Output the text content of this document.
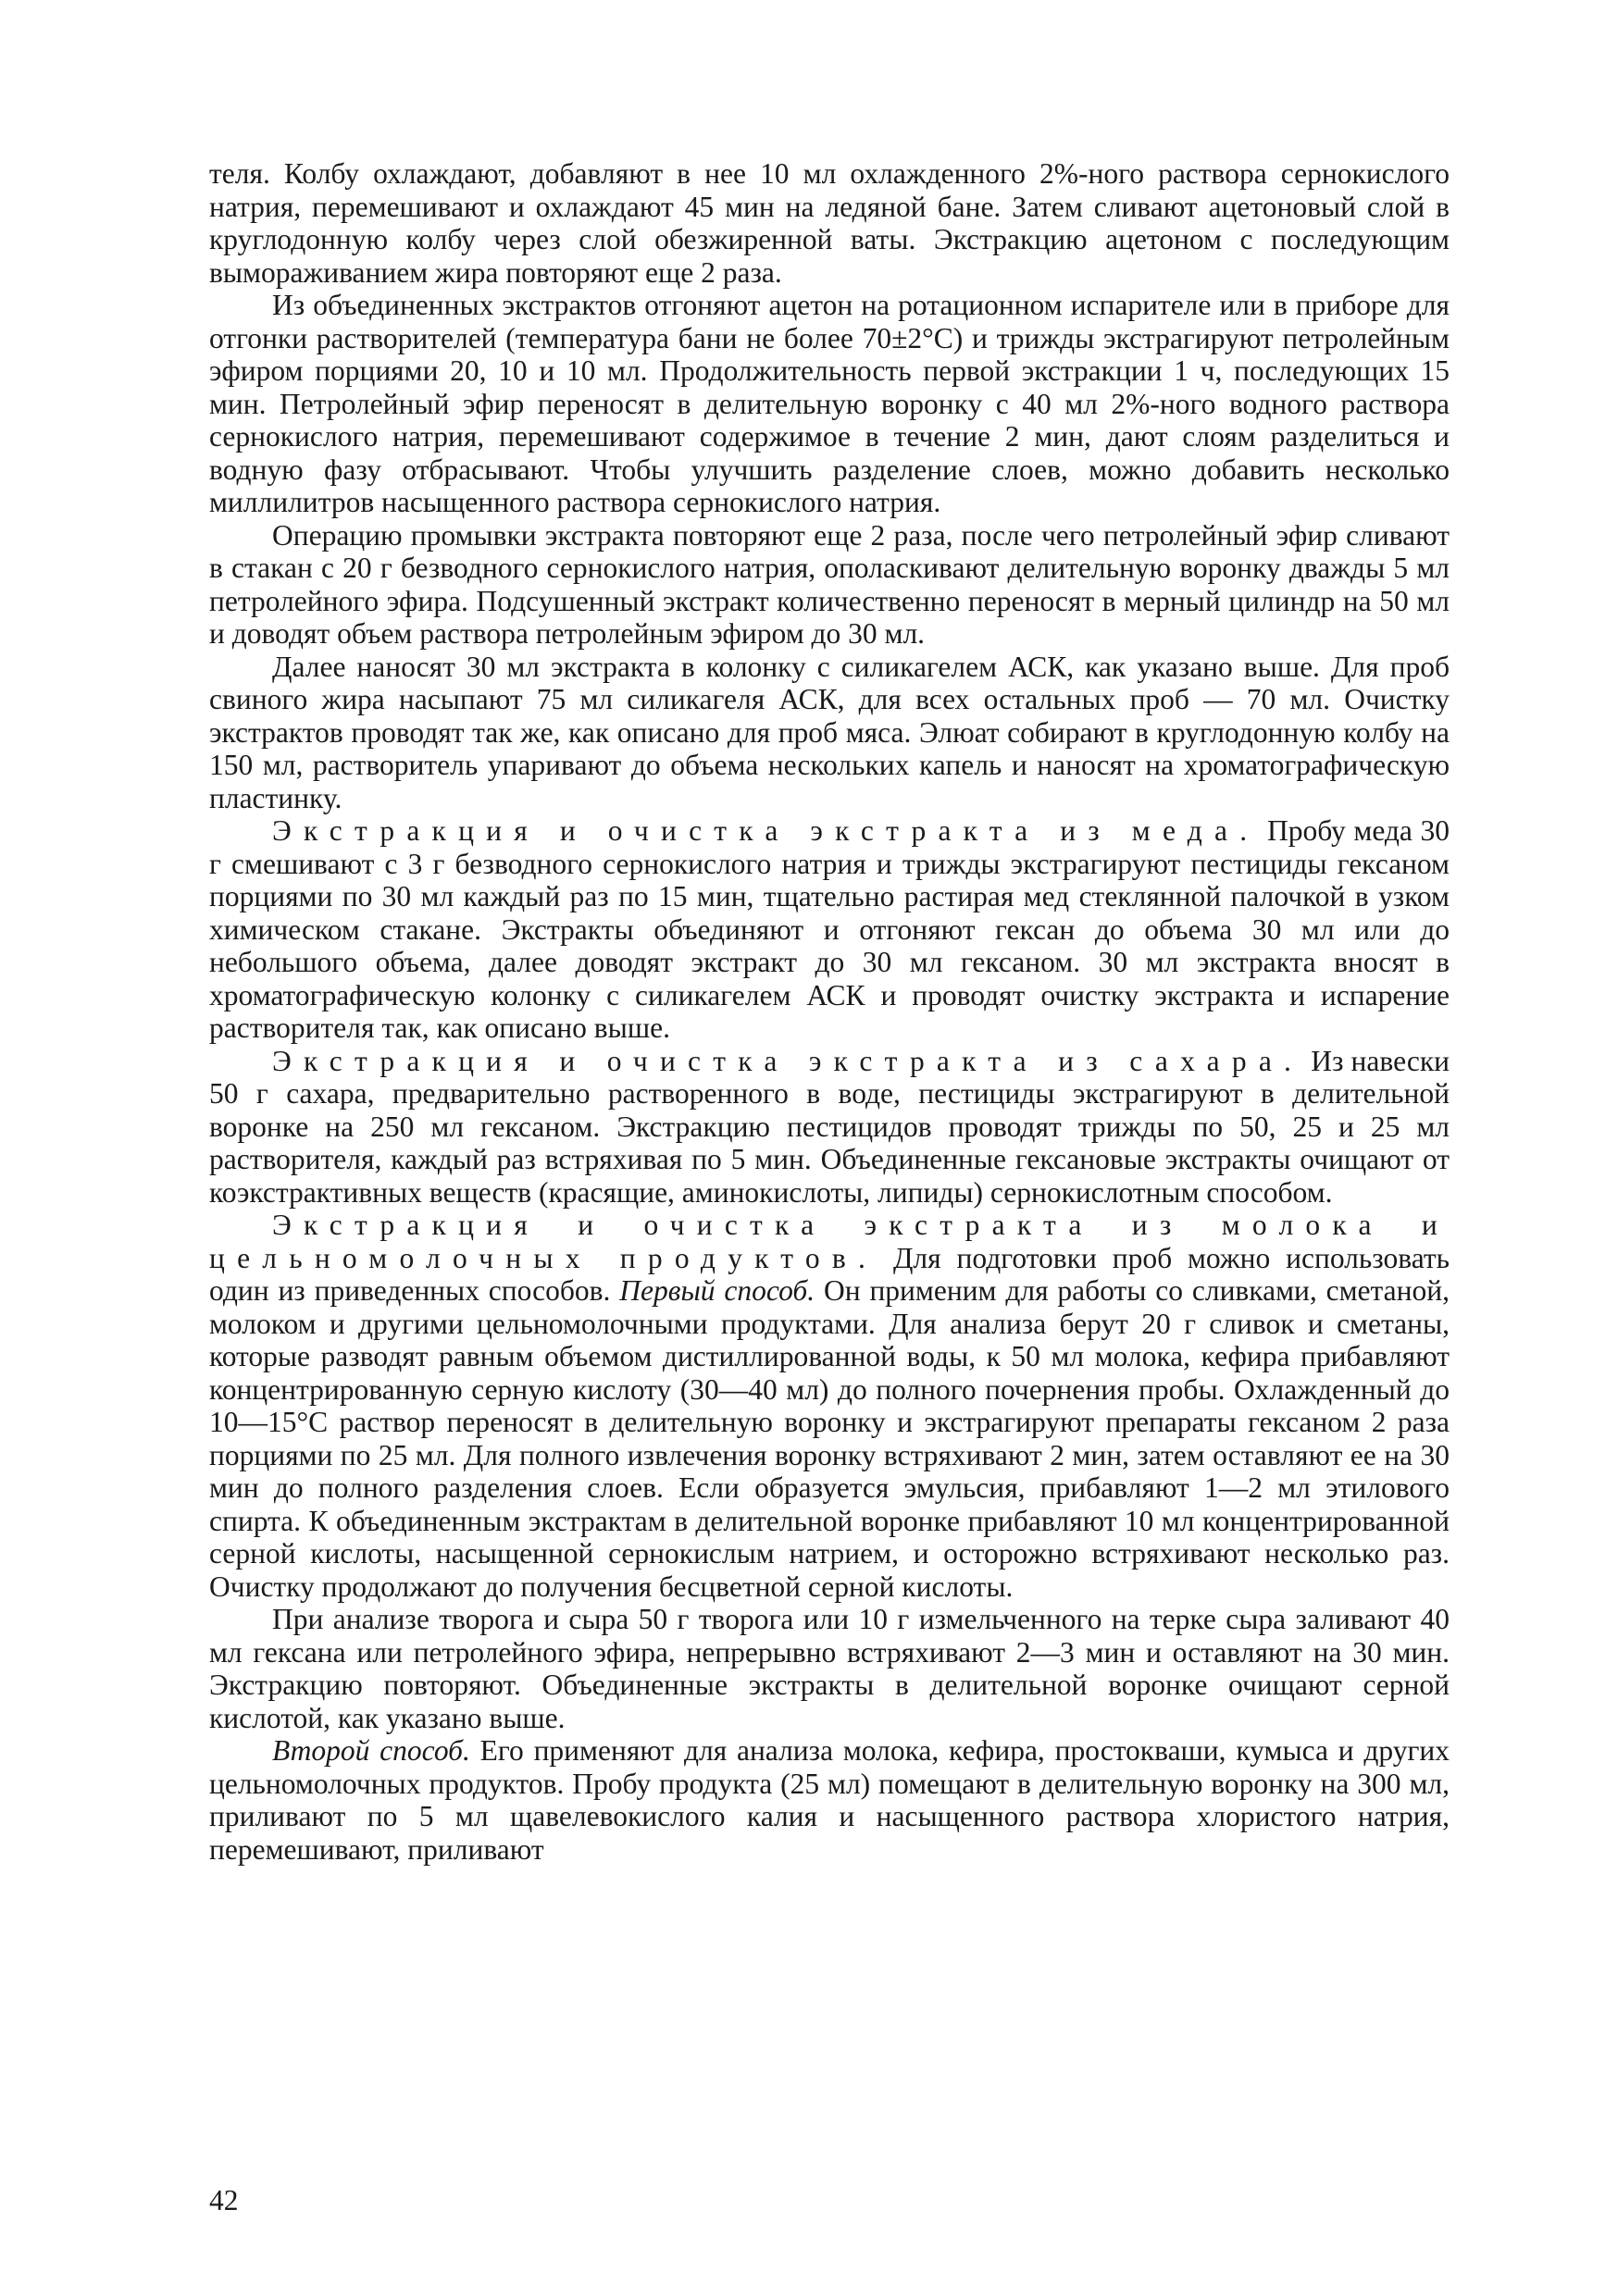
теля. Колбу охлаждают, добавляют в нее 10 мл охлажденного 2%-ного раствора сернокислого натрия, перемешивают и охлаждают 45 мин на ледяной бане. Затем сливают ацетоновый слой в круглодонную колбу через слой обезжиренной ваты. Экстракцию ацетоном с последующим вымораживанием жира повторяют еще 2 раза.

Из объединенных экстрактов отгоняют ацетон на ротационном испарителе или в приборе для отгонки растворителей (температура бани не более 70±2°С) и трижды экстрагируют петролейным эфиром порциями 20, 10 и 10 мл. Продолжительность первой экстракции 1 ч, последующих 15 мин. Петролейный эфир переносят в делительную воронку с 40 мл 2%-ного водного раствора сернокислого натрия, перемешивают содержимое в течение 2 мин, дают слоям разделиться и водную фазу отбрасывают. Чтобы улучшить разделение слоев, можно добавить несколько миллилитров насыщенного раствора сернокислого натрия.

Операцию промывки экстракта повторяют еще 2 раза, после чего петролейный эфир сливают в стакан с 20 г безводного сернокислого натрия, ополаскивают делительную воронку дважды 5 мл петролейного эфира. Подсушенный экстракт количественно переносят в мерный цилиндр на 50 мл и доводят объем раствора петролейным эфиром до 30 мл.

Далее наносят 30 мл экстракта в колонку с силикагелем АСК, как указано выше. Для проб свиного жира насыпают 75 мл силикагеля АСК, для всех остальных проб — 70 мл. Очистку экстрактов проводят так же, как описано для проб мяса. Элюат собирают в круглодонную колбу на 150 мл, растворитель упаривают до объема нескольких капель и наносят на хроматографическую пластинку.

Экстракция и очистка экстракта из меда. Пробу меда 30 г смешивают с 3 г безводного сернокислого натрия и трижды экстрагируют пестициды гексаном порциями по 30 мл каждый раз по 15 мин, тщательно растирая мед стеклянной палочкой в узком химическом стакане. Экстракты объединяют и отгоняют гексан до объема 30 мл или до небольшого объема, далее доводят экстракт до 30 мл гексаном. 30 мл экстракта вносят в хроматографическую колонку с силикагелем АСК и проводят очистку экстракта и испарение растворителя так, как описано выше.

Экстракция и очистка экстракта из сахара. Из навески 50 г сахара, предварительно растворенного в воде, пестициды экстрагируют в делительной воронке на 250 мл гексаном. Экстракцию пестицидов проводят трижды по 50, 25 и 25 мл растворителя, каждый раз встряхивая по 5 мин. Объединенные гексановые экстракты очищают от коэкстрактивных веществ (красящие, аминокислоты, липиды) сернокислотным способом.

Экстракция и очистка экстракта из молока и цельномолочных продуктов. Для подготовки проб можно использовать один из приведенных способов. Первый способ. Он применим для работы со сливками, сметаной, молоком и другими цельномолочными продуктами. Для анализа берут 20 г сливок и сметаны, которые разводят равным объемом дистиллированной воды, к 50 мл молока, кефира прибавляют концентрированную серную кислоту (30—40 мл) до полного почернения пробы. Охлажденный до 10—15°С раствор переносят в делительную воронку и экстрагируют препараты гексаном 2 раза порциями по 25 мл. Для полного извлечения воронку встряхивают 2 мин, затем оставляют ее на 30 мин до полного разделения слоев. Если образуется эмульсия, прибавляют 1—2 мл этилового спирта. К объединенным экстрактам в делительной воронке прибавляют 10 мл концентрированной серной кислоты, насыщенной сернокислым натрием, и осторожно встряхивают несколько раз. Очистку продолжают до получения бесцветной серной кислоты.

При анализе творога и сыра 50 г творога или 10 г измельченного на терке сыра заливают 40 мл гексана или петролейного эфира, непрерывно встряхивают 2—3 мин и оставляют на 30 мин. Экстракцию повторяют. Объединенные экстракты в делительной воронке очищают серной кислотой, как указано выше.

Второй способ. Его применяют для анализа молока, кефира, простокваши, кумыса и других цельномолочных продуктов. Пробу продукта (25 мл) помещают в делительную воронку на 300 мл, приливают по 5 мл щавелевокислого калия и насыщенного раствора хлористого натрия, перемешивают, приливают

42
